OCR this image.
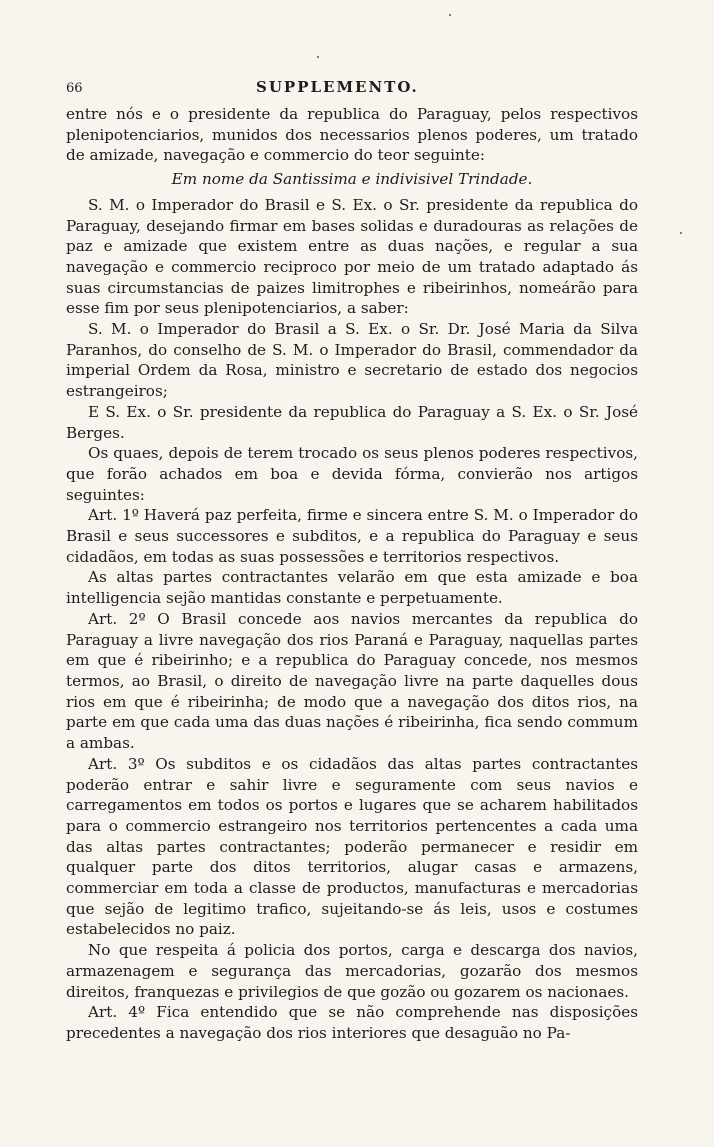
66	SUPPLEMENTO.

entre nós e o presidente da republica do Paraguay, pelos respectivos plenipotenciarios, munidos dos necessarios plenos poderes, um tratado de amizade, navegação e commercio do teor seguinte:

Em nome da Santissima e indivisivel Trindade.

S. M. o Imperador do Brasil e S. Ex. o Sr. presidente da republica do Paraguay, desejando firmar em bases solidas e duradouras as relações de paz e amizade que existem entre as duas nações, e regular a sua navegação e commercio reciproco por meio de um tratado adaptado ás suas circumstancias de paizes limitrophes e ribeirinhos, nomeárão para esse fim por seus plenipotenciarios, a saber:

S. M. o Imperador do Brasil a S. Ex. o Sr. Dr. José Maria da Silva Paranhos, do conselho de S. M. o Imperador do Brasil, commendador da imperial Ordem da Rosa, ministro e secretario de estado dos negocios estrangeiros;

E S. Ex. o Sr. presidente da republica do Paraguay a S. Ex. o Sr. José Berges.

Os quaes, depois de terem trocado os seus plenos poderes respectivos, que forão achados em boa e devida fórma, convierão nos artigos seguintes:

Art. 1º Haverá paz perfeita, firme e sincera entre S. M. o Imperador do Brasil e seus successores e subditos, e a republica do Paraguay e seus cidadãos, em todas as suas possessões e territorios respectivos.

As altas partes contractantes velarão em que esta amizade e boa intelligencia sejão mantidas constante e perpetuamente.

Art. 2º O Brasil concede aos navios mercantes da republica do Paraguay a livre navegação dos rios Paraná e Paraguay, naquellas partes em que é ribeirinho; e a republica do Paraguay concede, nos mesmos termos, ao Brasil, o direito de navegação livre na parte daquelles dous rios em que é ribeirinha; de modo que a navegação dos ditos rios, na parte em que cada uma das duas nações é ribeirinha, fica sendo commum a ambas.

Art. 3º Os subditos e os cidadãos das altas partes contractantes poderão entrar e sahir livre e seguramente com seus navios e carregamentos em todos os portos e lugares que se acharem habilitados para o commercio estrangeiro nos territorios pertencentes a cada uma das altas partes contractantes; poderão permanecer e residir em qualquer parte dos ditos territorios, alugar casas e armazens, commerciar em toda a classe de productos, manufacturas e mercadorias que sejão de legitimo trafico, sujeitando-se ás leis, usos e costumes estabelecidos no paiz.

No que respeita á policia dos portos, carga e descarga dos navios, armazenagem e segurança das mercadorias, gozarão dos mesmos direitos, franquezas e privilegios de que gozão ou gozarem os nacionaes.

Art. 4º Fica entendido que se não comprehende nas disposições precedentes a navegação dos rios interiores que desaguão no Pa-
